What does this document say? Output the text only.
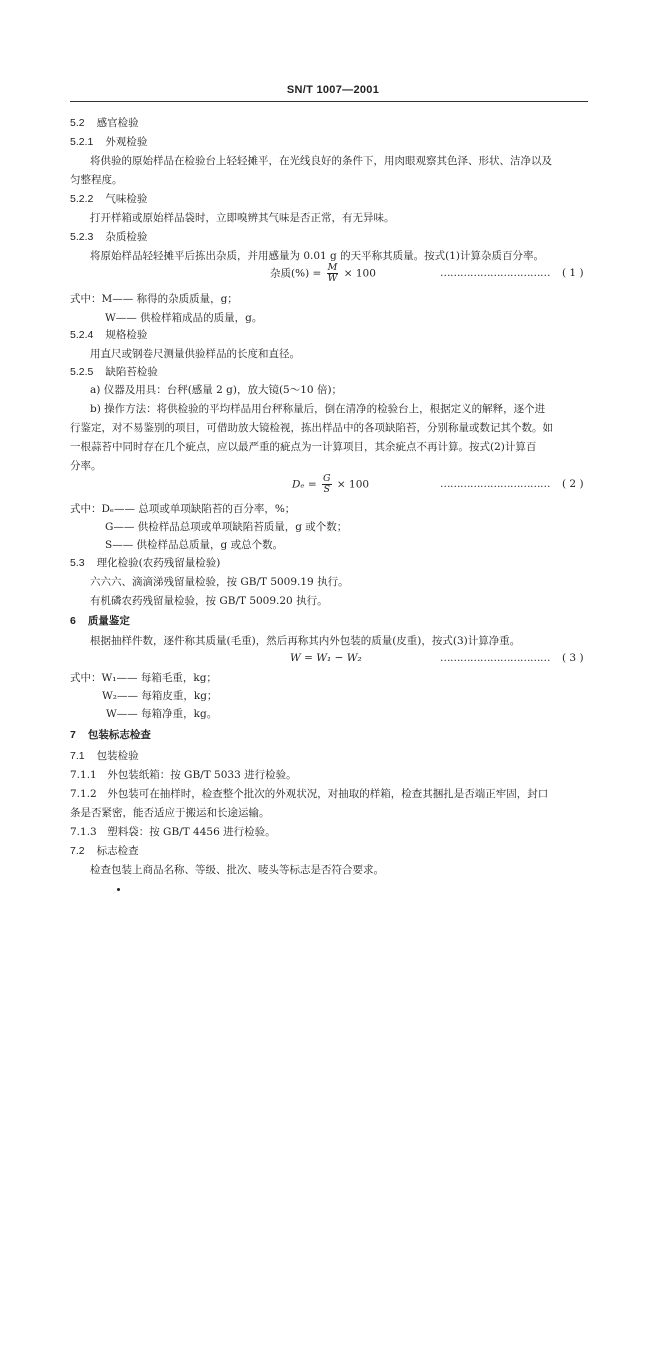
SN/T 1007—2001
5.2 感官检验
5.2.1 外观检验
将供验的原始样品在检验台上轻轻摊平，在光线良好的条件下，用肉眼观察其色泽、形状、洁净以及
匀整程度。
5.2.2 气味检验
打开样箱或原始样品袋时，立即嗅辨其气味是否正常，有无异味。
5.2.3 杂质检验
将原始样品轻轻摊平后拣出杂质，并用感量为 0.01 g 的天平称其质量。按式(1)计算杂质百分率。
杂质(%) = $\frac{M}{W} \times 100$	…………………………… ( 1 )
式中：M—— 称得的杂质质量，g；
W—— 供检样箱成品的质量，g。
5.2.4 规格检验
用直尺或钢卷尺测量供验样品的长度和直径。
5.2.5 缺陷苔检验
a) 仪器及用具：台秤(感量 2 g)，放大镜(5～10 倍)；
b) 操作方法：将供检验的平均样品用台秤称量后，倒在清净的检验台上，根据定义的解释，逐个进
行鉴定，对不易鉴别的项目，可借助放大镜检视，拣出样品中的各项缺陷苔，分别称量或数记其个数。如
一根蒜苔中同时存在几个疵点，应以最严重的疵点为一计算项目，其余疵点不再计算。按式(2)计算百
分率。
$D_e = \frac{G}{S} \times 100$	…………………………… ( 2 )
式中：Dₑ—— 总项或单项缺陷苔的百分率，%；
G—— 供检样品总项或单项缺陷苔质量，g 或个数；
S—— 供检样品总质量，g 或总个数。
5.3 理化检验(农药残留量检验)
六六六、滴滴涕残留量检验，按 GB/T 5009.19 执行。
有机磷农药残留量检验，按 GB/T 5009.20 执行。
6 质量鉴定
根据抽样件数，逐件称其质量(毛重)，然后再称其内外包装的质量(皮重)，按式(3)计算净重。
W = W₁ − W₂	…………………………… ( 3 )
式中：W₁—— 每箱毛重，kg；
W₂—— 每箱皮重，kg；
W—— 每箱净重，kg。
7 包装标志检查
7.1 包装检验
7.1.1　外包装纸箱：按 GB/T 5033 进行检验。
7.1.2　外包装可在抽样时，检查整个批次的外观状况，对抽取的样箱，检查其捆扎是否端正牢固，封口
条是否紧密，能否适应于搬运和长途运输。
7.1.3　塑料袋：按 GB/T 4456 进行检验。
7.2 标志检查
检查包装上商品名称、等级、批次、唛头等标志是否符合要求。
